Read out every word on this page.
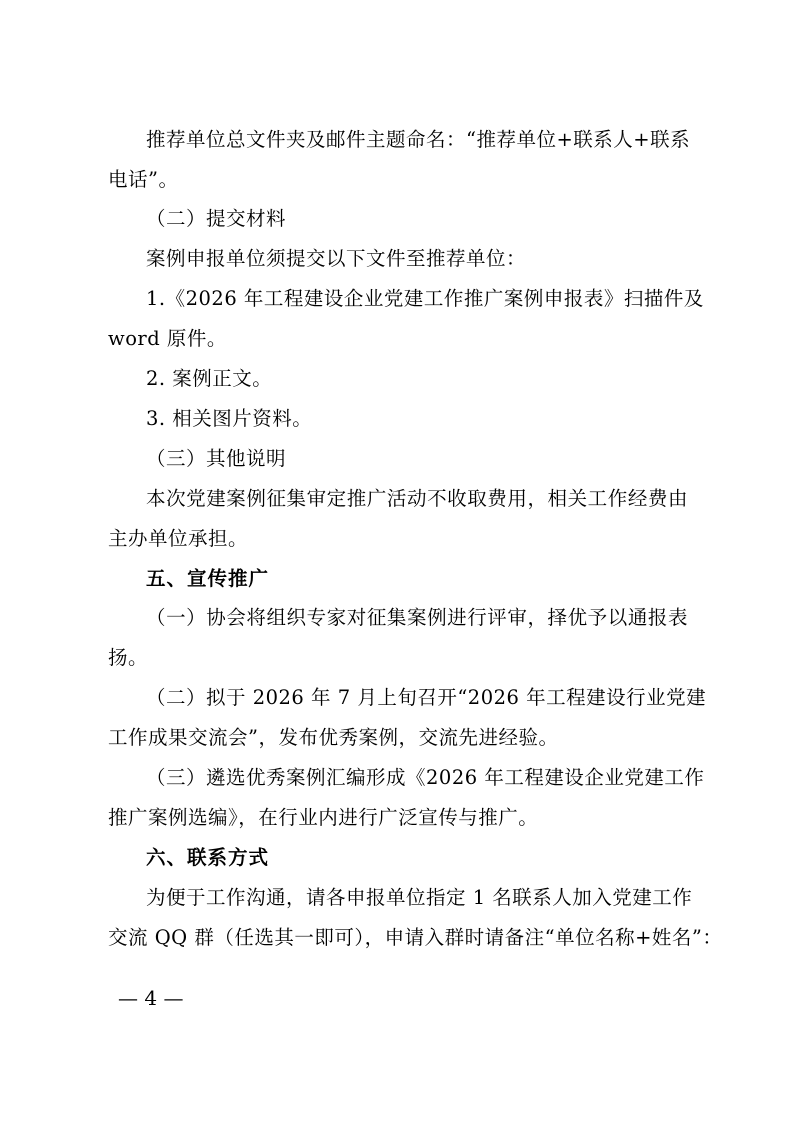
推荐单位总文件夹及邮件主题命名：“推荐单位+联系人+联系
电话”。
（二）提交材料
案例申报单位须提交以下文件至推荐单位：
1.《2026 年工程建设企业党建工作推广案例申报表》扫描件及
word 原件。
2. 案例正文。
3. 相关图片资料。
（三）其他说明
本次党建案例征集审定推广活动不收取费用，相关工作经费由
主办单位承担。
五、宣传推广
（一）协会将组织专家对征集案例进行评审，择优予以通报表
扬。
（二）拟于 2026 年 7 月上旬召开“2026 年工程建设行业党建
工作成果交流会”，发布优秀案例，交流先进经验。
（三）遴选优秀案例汇编形成《2026 年工程建设企业党建工作
推广案例选编》，在行业内进行广泛宣传与推广。
六、联系方式
为便于工作沟通，请各申报单位指定 1 名联系人加入党建工作
交流 QQ 群（任选其一即可），申请入群时请备注“单位名称+姓名”：
— 4 —
